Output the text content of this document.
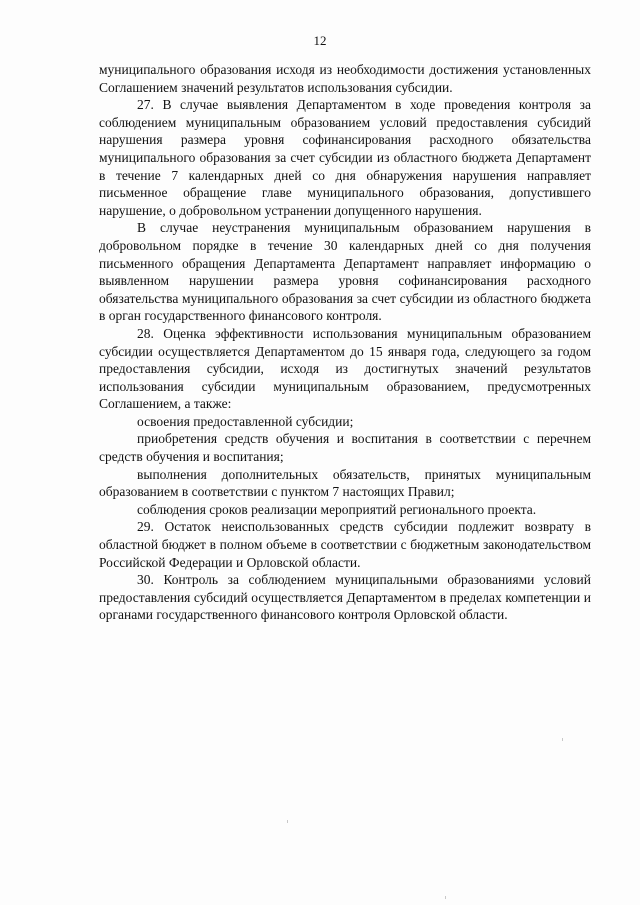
12

муниципального образования исходя из необходимости достижения установленных Соглашением значений результатов использования субсидии.

27. В случае выявления Департаментом в ходе проведения контроля за соблюдением муниципальным образованием условий предоставления субсидий нарушения размера уровня софинансирования расходного обязательства муниципального образования за счет субсидии из областного бюджета Департамент в течение 7 календарных дней со дня обнаружения нарушения направляет письменное обращение главе муниципального образования, допустившего нарушение, о добровольном устранении допущенного нарушения.

В случае неустранения муниципальным образованием нарушения в добровольном порядке в течение 30 календарных дней со дня получения письменного обращения Департамента Департамент направляет информацию о выявленном нарушении размера уровня софинансирования расходного обязательства муниципального образования за счет субсидии из областного бюджета в орган государственного финансового контроля.

28. Оценка эффективности использования муниципальным образованием субсидии осуществляется Департаментом до 15 января года, следующего за годом предоставления субсидии, исходя из достигнутых значений результатов использования субсидии муниципальным образованием, предусмотренных Соглашением, а также:

освоения предоставленной субсидии;

приобретения средств обучения и воспитания в соответствии с перечнем средств обучения и воспитания;

выполнения дополнительных обязательств, принятых муниципальным образованием в соответствии с пунктом 7 настоящих Правил;

соблюдения сроков реализации мероприятий регионального проекта.

29. Остаток неиспользованных средств субсидии подлежит возврату в областной бюджет в полном объеме в соответствии с бюджетным законодательством Российской Федерации и Орловской области.

30. Контроль за соблюдением муниципальными образованиями условий предоставления субсидий осуществляется Департаментом в пределах компетенции и органами государственного финансового контроля Орловской области.
